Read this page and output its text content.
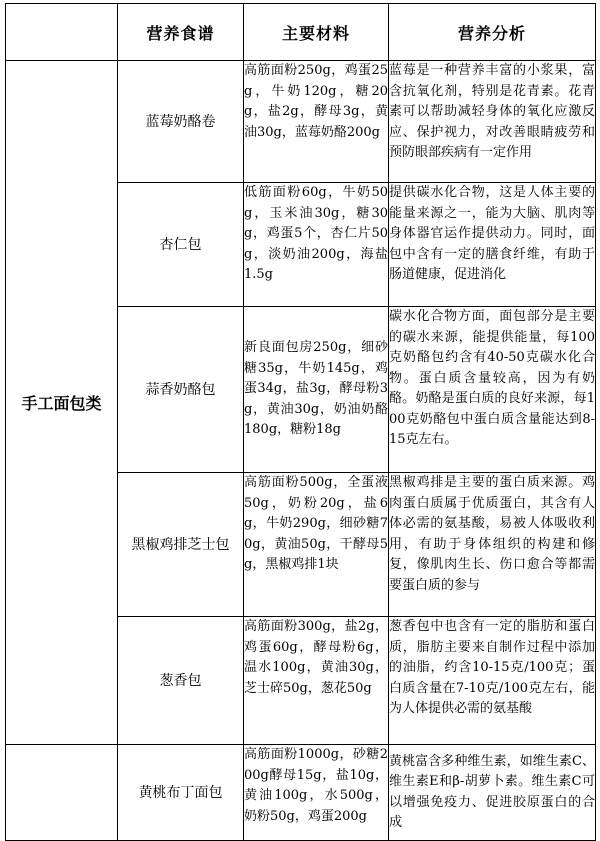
	营养食谱	主要材料	营养分析
手工面包类	蓝莓奶酪卷	高筋面粉250g，鸡蛋25g，牛奶120g，糖20g，盐2g，酵母3g，黄油30g，蓝莓奶酪200g	蓝莓是一种营养丰富的小浆果，富含抗氧化剂，特别是花青素。花青素可以帮助减轻身体的氧化应激反应、保护视力，对改善眼睛疲劳和预防眼部疾病有一定作用

	杏仁包	低筋面粉60g，牛奶50g，玉米油30g，糖30g，鸡蛋5个，杏仁片50g，淡奶油200g，海盐1.5g	提供碳水化合物，这是人体主要的能量来源之一，能为大脑、肌肉等身体器官运作提供动力。同时，面包中含有一定的膳食纤维，有助于肠道健康，促进消化

	蒜香奶酪包	新良面包房250g，细砂糖35g，牛奶145g，鸡蛋34g，盐3g，酵母粉3g，黄油30g，奶油奶酪180g，糖粉18g	碳水化合物方面，面包部分是主要的碳水来源，能提供能量，每100克奶酪包约含有40-50克碳水化合物。蛋白质含量较高，因为有奶酪。奶酪是蛋白质的良好来源，每100克奶酪包中蛋白质含量能达到8-15克左右。

	黑椒鸡排芝士包	高筋面粉500g，全蛋液50g，奶粉20g，盐6g，牛奶290g，细砂糖70g，黄油50g，干酵母5g，黑椒鸡排1块	黑椒鸡排是主要的蛋白质来源。鸡肉蛋白质属于优质蛋白，其含有人体必需的氨基酸，易被人体吸收利用，有助于身体组织的构建和修复，像肌肉生长、伤口愈合等都需要蛋白质的参与

	葱香包	高筋面粉300g，盐2g，鸡蛋60g，酵母粉6g，温水100g，黄油30g，芝士碎50g，葱花50g	葱香包中也含有一定的脂肪和蛋白质，脂肪主要来自制作过程中添加的油脂，约含10-15克/100克；蛋白质含量在7-10克/100克左右，能为人体提供必需的氨基酸

	黄桃布丁面包	高筋面粉1000g，砂糖200g酵母15g，盐10g，黄油100g，水500g，奶粉50g，鸡蛋200g	黄桃富含多种维生素，如维生素C、维生素E和β-胡萝卜素。维生素C可以增强免疫力、促进胶原蛋白的合成
